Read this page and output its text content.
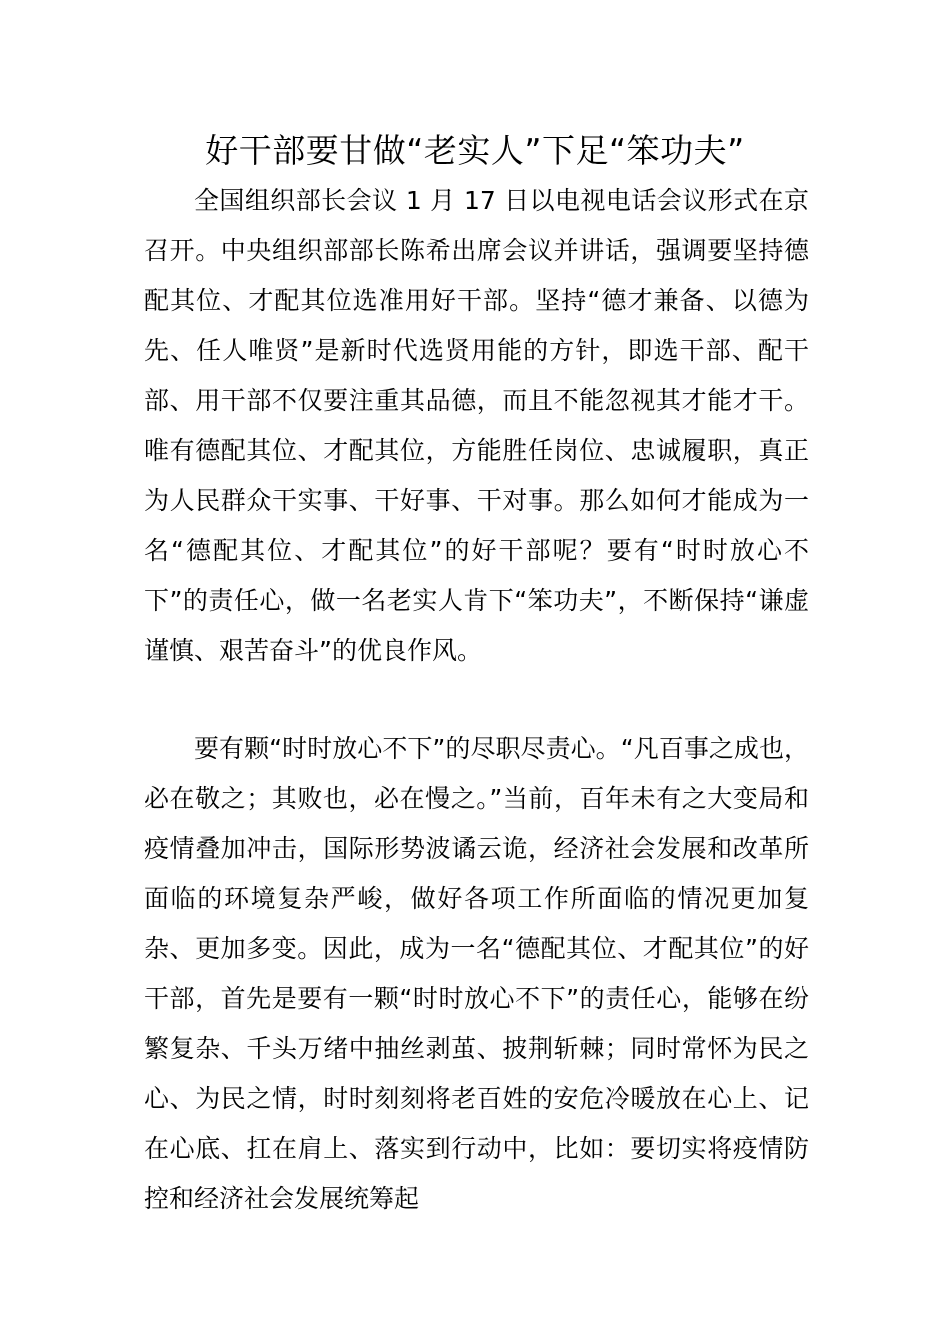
好干部要甘做“老实人”下足“笨功夫”

全国组织部长会议 1 月 17 日以电视电话会议形式在京召开。中央组织部部长陈希出席会议并讲话，强调要坚持德配其位、才配其位选准用好干部。坚持“德才兼备、以德为先、任人唯贤”是新时代选贤用能的方针，即选干部、配干部、用干部不仅要注重其品德，而且不能忽视其才能才干。唯有德配其位、才配其位，方能胜任岗位、忠诚履职，真正为人民群众干实事、干好事、干对事。那么如何才能成为一名“德配其位、才配其位”的好干部呢？要有“时时放心不下”的责任心，做一名老实人肯下“笨功夫”，不断保持“谦虚谨慎、艰苦奋斗”的优良作风。

要有颗“时时放心不下”的尽职尽责心。“凡百事之成也，必在敬之；其败也，必在慢之。”当前，百年未有之大变局和疫情叠加冲击，国际形势波谲云诡，经济社会发展和改革所面临的环境复杂严峻，做好各项工作所面临的情况更加复杂、更加多变。因此，成为一名“德配其位、才配其位”的好干部，首先是要有一颗“时时放心不下”的责任心，能够在纷繁复杂、千头万绪中抽丝剥茧、披荆斩棘；同时常怀为民之心、为民之情，时时刻刻将老百姓的安危冷暖放在心上、记在心底、扛在肩上、落实到行动中，比如：要切实将疫情防控和经济社会发展统筹起
